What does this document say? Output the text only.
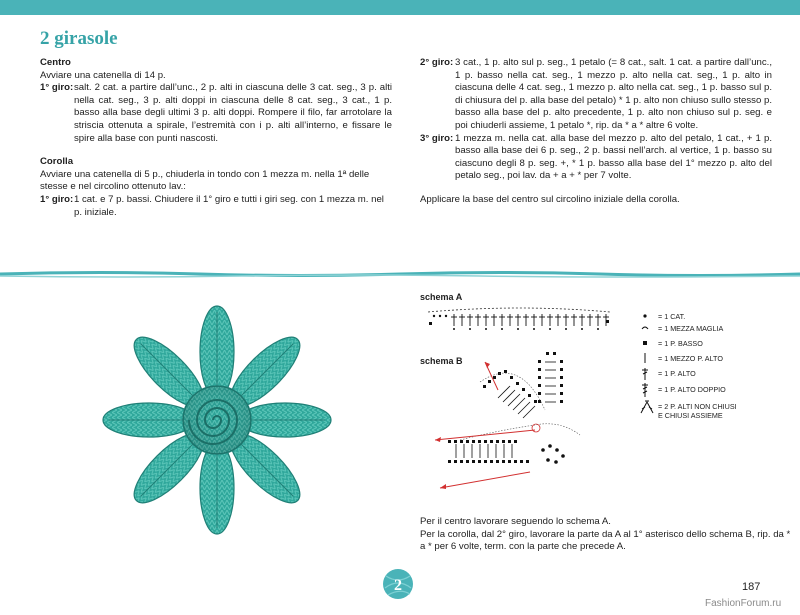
2 girasole
Centro
Avviare una catenella di 14 p.
1° giro: salt. 2 cat. a partire dall’unc., 2 p. alti in ciascuna delle 3 cat. seg., 3 p. alti nella cat. seg., 3 p. alti doppi in ciascuna delle 8 cat. seg., 3 cat., 1 p. basso alla base degli ultimi 3 p. alti doppi. Rompere il filo, far arrotolare la striscia ottenuta a spirale, l’estremità con i p. alti all’interno, e fissare le spire alla base con punti nascosti.
Corolla
Avviare una catenella di 5 p., chiuderla in tondo con 1 mezza m. nella 1ª delle stesse e nel circolino ottenuto lav.:
1° giro: 1 cat. e 7 p. bassi. Chiudere il 1° giro e tutti i giri seg. con 1 mezza m. nel p. iniziale.
2° giro: 3 cat., 1 p. alto sul p. seg., 1 petalo (= 8 cat., salt. 1 cat. a partire dall’unc., 1 p. basso nella cat. seg., 1 mezzo p. alto nella cat. seg., 1 p. alto in ciascuna delle 4 cat. seg., 1 mezzo p. alto nella cat. seg., 1 p. basso sul p. di chiusura del p. alla base del petalo) * 1 p. alto non chiuso sullo stesso p. basso alla base del p. alto precedente, 1 p. alto non chiuso sul p. seg. e poi chiuderli assieme, 1 petalo *, rip. da * a * altre 6 volte.
3° giro: 1 mezza m. nella cat. alla base del mezzo p. alto del petalo, 1 cat., + 1 p. basso alla base dei 6 p. seg., 2 p. bassi nell’arch. al vertice, 1 p. basso su ciascuno degli 8 p. seg. +, * 1 p. basso alla base del 1° mezzo p. alto del petalo seg., poi lav. da + a + * per 7 volte.
Applicare la base del centro sul circolino iniziale della corolla.
schema A
schema B
= 1 CAT.
= 1 MEZZA MAGLIA
= 1 P. BASSO
= 1 MEZZO P. ALTO
= 1 P. ALTO
= 1 P. ALTO DOPPIO
= 2 P. ALTI NON CHIUSI
E CHIUSI ASSIEME
Per il centro lavorare seguendo lo schema A.
Per la corolla, dal 2° giro, lavorare la parte da A al 1° asterisco dello schema B, rip. da * a * per 6 volte, term. con la parte che precede A.
2	187
FashionForum.ru
